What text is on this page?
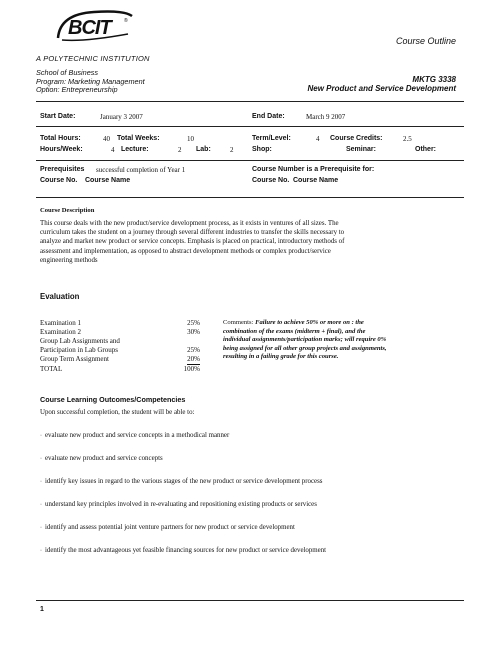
BCIT	®
A POLYTECHNIC INSTITUTION
Course Outline
School of Business
Program: Marketing Management
Option: Entrepreneurship
MKTG 3338
New Product and Service Development
Start Date:	January 3 2007	End Date:	March 9 2007
Total Hours:	40 Total Weeks:	10	Term/Level:	4 Course Credits:	2.5
Hours/Week:	4 Lecture:	2 Lab:	2	Shop:	Seminar:	Other:
Prerequisites successful completion of Year 1
Course No. Course Name
Course Number is a Prerequisite for:
Course No. Course Name
Course Description
This course deals with the new product/service development process, as it exists in ventures of all sizes. The
curriculum takes the student on a journey through several different industries to transfer the skills necessary to
analyze and market new product or service concepts. Emphasis is placed on practical, introductory methods of
assessment and implementation, as opposed to abstract development methods or complex product/service
engineering methods
Evaluation
Examination 1	25%
Examination 2	30%
Group Lab Assignments and
Participation in Lab Groups	25%
Group Term Assignment	20%
TOTAL	100%
Comments: Failure to achieve 50% or more on : the
combination of the exams (midterm + final), and the
individual assignments/participation marks; will require 0%
being assigned for all other group projects and assignments,
resulting in a failing grade for this course.
Course Learning Outcomes/Competencies
Upon successful completion, the student will be able to:
·  evaluate new product and service concepts in a methodical manner
·  evaluate new product and service concepts
·  identify key issues in regard to the various stages of the new product or service development process
·  understand key principles involved in re-evaluating and repositioning existing products or services
·  identify and assess potential joint venture partners for new product or service development
·  identify the most advantageous yet feasible financing sources for new product or service development
1
